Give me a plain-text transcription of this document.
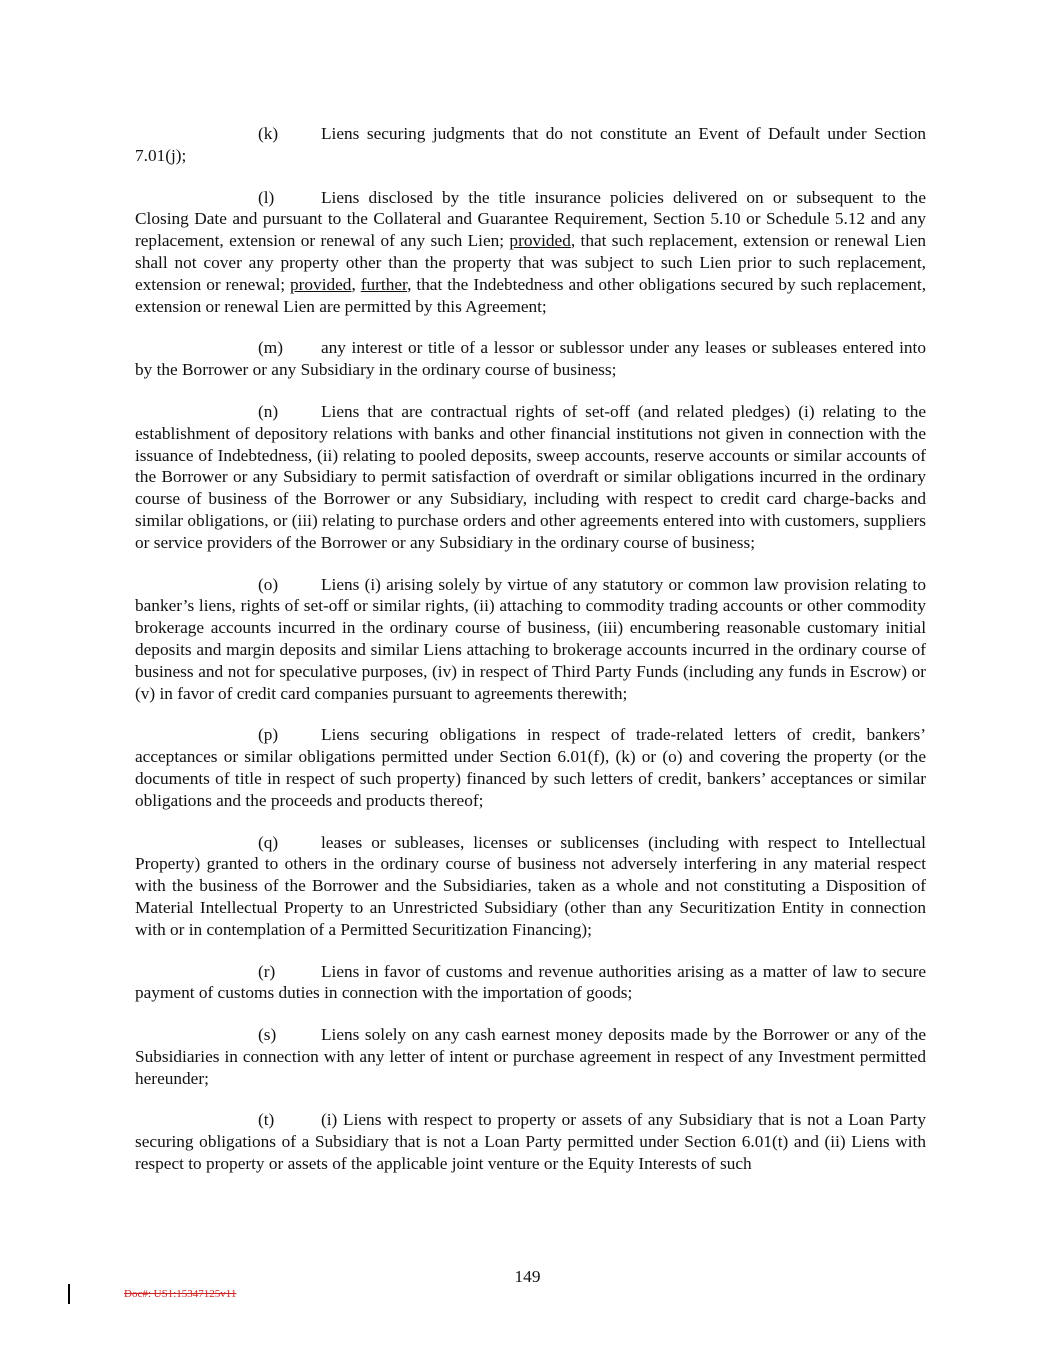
(k) Liens securing judgments that do not constitute an Event of Default under Section 7.01(j);

(l)	Liens disclosed by the title insurance policies delivered on or subsequent to the Closing Date and pursuant to the Collateral and Guarantee Requirement, Section 5.10 or Schedule 5.12 and any replacement, extension or renewal of any such Lien; provided, that such replacement, extension or renewal Lien shall not cover any property other than the property that was subject to such Lien prior to such replacement, extension or renewal; provided, further, that the Indebtedness and other obligations secured by such replacement, extension or renewal Lien are permitted by this Agreement;

(m) any interest or title of a lessor or sublessor under any leases or subleases entered into by the Borrower or any Subsidiary in the ordinary course of business;

(n) Liens that are contractual rights of set-off (and related pledges) (i) relating to the establishment of depository relations with banks and other financial institutions not given in connection with the issuance of Indebtedness, (ii) relating to pooled deposits, sweep accounts, reserve accounts or similar accounts of the Borrower or any Subsidiary to permit satisfaction of overdraft or similar obligations incurred in the ordinary course of business of the Borrower or any Subsidiary, including with respect to credit card charge-backs and similar obligations, or (iii) relating to purchase orders and other agreements entered into with customers, suppliers or service providers of the Borrower or any Subsidiary in the ordinary course of business;

(o) Liens (i) arising solely by virtue of any statutory or common law provision relating to banker’s liens, rights of set-off or similar rights, (ii) attaching to commodity trading accounts or other commodity brokerage accounts incurred in the ordinary course of business, (iii) encumbering reasonable customary initial deposits and margin deposits and similar Liens attaching to brokerage accounts incurred in the ordinary course of business and not for speculative purposes, (iv) in respect of Third Party Funds (including any funds in Escrow) or (v) in favor of credit card companies pursuant to agreements therewith;

(p) Liens securing obligations in respect of trade-related letters of credit, bankers’ acceptances or similar obligations permitted under Section 6.01(f), (k) or (o) and covering the property (or the documents of title in respect of such property) financed by such letters of credit, bankers’ acceptances or similar obligations and the proceeds and products thereof;

(q) leases or subleases, licenses or sublicenses (including with respect to Intellectual Property) granted to others in the ordinary course of business not adversely interfering in any material respect with the business of the Borrower and the Subsidiaries, taken as a whole and not constituting a Disposition of Material Intellectual Property to an Unrestricted Subsidiary (other than any Securitization Entity in connection with or in contemplation of a Permitted Securitization Financing);

(r)	Liens in favor of customs and revenue authorities arising as a matter of law to secure payment of customs duties in connection with the importation of goods;

(s)	Liens solely on any cash earnest money deposits made by the Borrower or any of the Subsidiaries in connection with any letter of intent or purchase agreement in respect of any Investment permitted hereunder;

(t)	(i) Liens with respect to property or assets of any Subsidiary that is not a Loan Party securing obligations of a Subsidiary that is not a Loan Party permitted under Section 6.01(t) and (ii) Liens with respect to property or assets of the applicable joint venture or the Equity Interests of such

149
Doc#: US1:15347125v11
